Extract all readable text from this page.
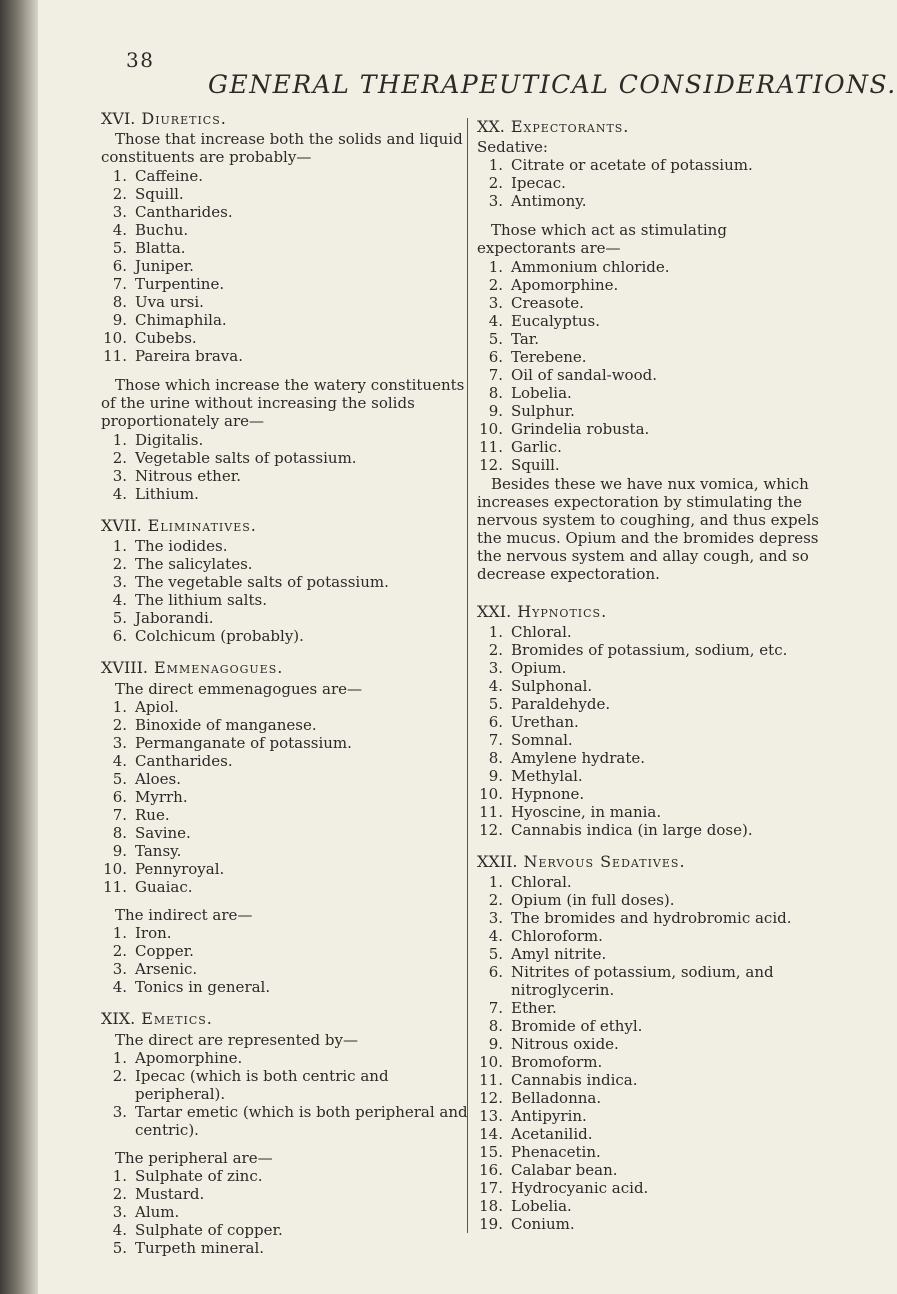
38
GENERAL THERAPEUTICAL CONSIDERATIONS.
XVI. Diuretics.
Those that increase both the solids and liquid constituents are probably—
1. Caffeine.
2. Squill.
3. Cantharides.
4. Buchu.
5. Blatta.
6. Juniper.
7. Turpentine.
8. Uva ursi.
9. Chimaphila.
10. Cubebs.
11. Pareira brava.
Those which increase the watery constituents of the urine without increasing the solids proportionately are—
1. Digitalis.
2. Vegetable salts of potassium.
3. Nitrous ether.
4. Lithium.
XVII. Eliminatives.
1. The iodides.
2. The salicylates.
3. The vegetable salts of potassium.
4. The lithium salts.
5. Jaborandi.
6. Colchicum (probably).
XVIII. Emmenagogues.
The direct emmenagogues are—
1. Apiol.
2. Binoxide of manganese.
3. Permanganate of potassium.
4. Cantharides.
5. Aloes.
6. Myrrh.
7. Rue.
8. Savine.
9. Tansy.
10. Pennyroyal.
11. Guaiac.
The indirect are—
1. Iron.
2. Copper.
3. Arsenic.
4. Tonics in general.
XIX. Emetics.
The direct are represented by—
1. Apomorphine.
2. Ipecac (which is both centric and peripheral).
3. Tartar emetic (which is both peripheral and centric).
The peripheral are—
1. Sulphate of zinc.
2. Mustard.
3. Alum.
4. Sulphate of copper.
5. Turpeth mineral.
XX. Expectorants.
Sedative:
1. Citrate or acetate of potassium.
2. Ipecac.
3. Antimony.
Those which act as stimulating expectorants are—
1. Ammonium chloride.
2. Apomorphine.
3. Creasote.
4. Eucalyptus.
5. Tar.
6. Terebene.
7. Oil of sandal-wood.
8. Lobelia.
9. Sulphur.
10. Grindelia robusta.
11. Garlic.
12. Squill.
Besides these we have nux vomica, which increases expectoration by stimulating the nervous system to coughing, and thus expels the mucus. Opium and the bromides depress the nervous system and allay cough, and so decrease expectoration.
XXI. Hypnotics.
1. Chloral.
2. Bromides of potassium, sodium, etc.
3. Opium.
4. Sulphonal.
5. Paraldehyde.
6. Urethan.
7. Somnal.
8. Amylene hydrate.
9. Methylal.
10. Hypnone.
11. Hyoscine, in mania.
12. Cannabis indica (in large dose).
XXII. Nervous Sedatives.
1. Chloral.
2. Opium (in full doses).
3. The bromides and hydrobromic acid.
4. Chloroform.
5. Amyl nitrite.
6. Nitrites of potassium, sodium, and nitroglycerin.
7. Ether.
8. Bromide of ethyl.
9. Nitrous oxide.
10. Bromoform.
11. Cannabis indica.
12. Belladonna.
13. Antipyrin.
14. Acetanilid.
15. Phenacetin.
16. Calabar bean.
17. Hydrocyanic acid.
18. Lobelia.
19. Conium.
